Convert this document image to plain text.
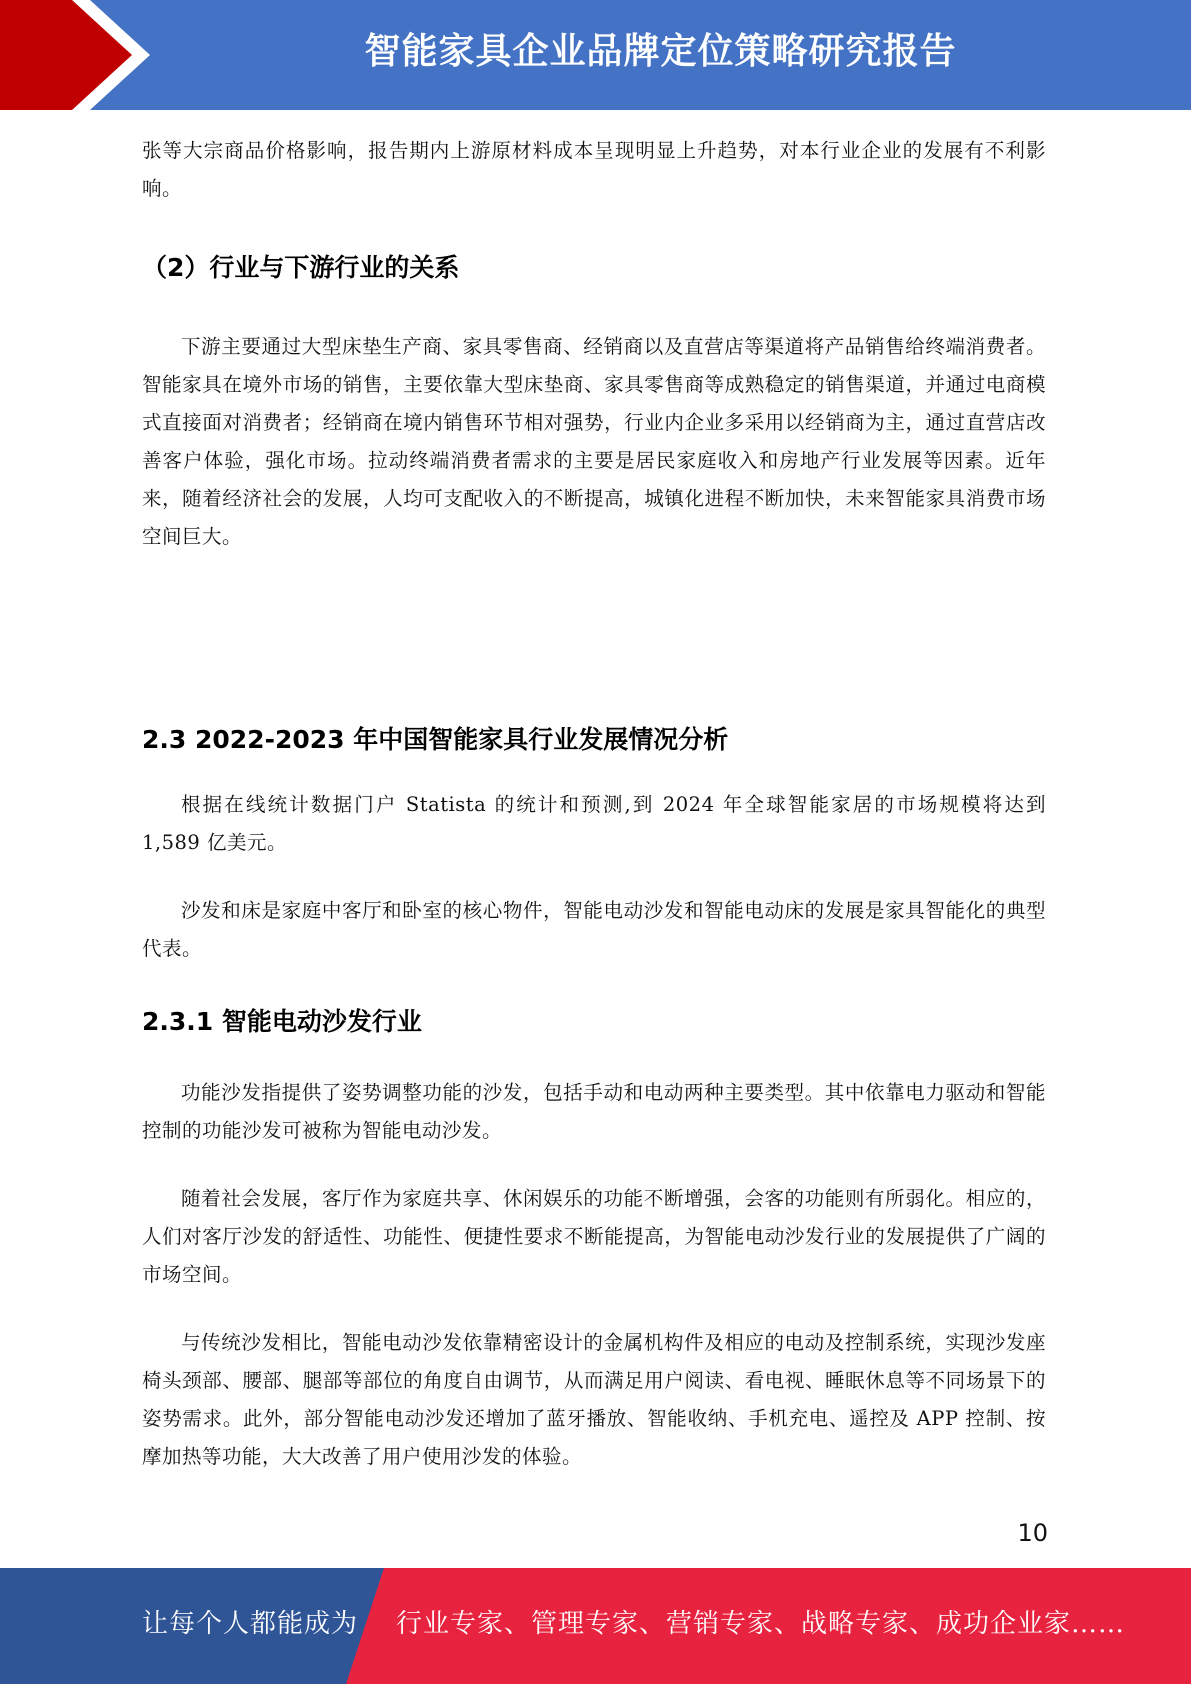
智能家具企业品牌定位策略研究报告

张等大宗商品价格影响，报告期内上游原材料成本呈现明显上升趋势，对本行业企业的发展有不利影响。

（2）行业与下游行业的关系

下游主要通过大型床垫生产商、家具零售商、经销商以及直营店等渠道将产品销售给终端消费者。智能家具在境外市场的销售，主要依靠大型床垫商、家具零售商等成熟稳定的销售渠道，并通过电商模式直接面对消费者；经销商在境内销售环节相对强势，行业内企业多采用以经销商为主，通过直营店改善客户体验，强化市场。拉动终端消费者需求的主要是居民家庭收入和房地产行业发展等因素。近年来，随着经济社会的发展，人均可支配收入的不断提高，城镇化进程不断加快，未来智能家具消费市场空间巨大。

2.3 2022-2023 年中国智能家具行业发展情况分析

根据在线统计数据门户 Statista 的统计和预测,到 2024 年全球智能家居的市场规模将达到 1,589 亿美元。

沙发和床是家庭中客厅和卧室的核心物件，智能电动沙发和智能电动床的发展是家具智能化的典型代表。

2.3.1 智能电动沙发行业

功能沙发指提供了姿势调整功能的沙发，包括手动和电动两种主要类型。其中依靠电力驱动和智能控制的功能沙发可被称为智能电动沙发。

随着社会发展，客厅作为家庭共享、休闲娱乐的功能不断增强，会客的功能则有所弱化。相应的，人们对客厅沙发的舒适性、功能性、便捷性要求不断能提高，为智能电动沙发行业的发展提供了广阔的市场空间。

与传统沙发相比，智能电动沙发依靠精密设计的金属机构件及相应的电动及控制系统，实现沙发座椅头颈部、腰部、腿部等部位的角度自由调节，从而满足用户阅读、看电视、睡眠休息等不同场景下的姿势需求。此外，部分智能电动沙发还增加了蓝牙播放、智能收纳、手机充电、遥控及 APP 控制、按摩加热等功能，大大改善了用户使用沙发的体验。

10
让每个人都能成为 行业专家、管理专家、营销专家、战略专家、成功企业家……
